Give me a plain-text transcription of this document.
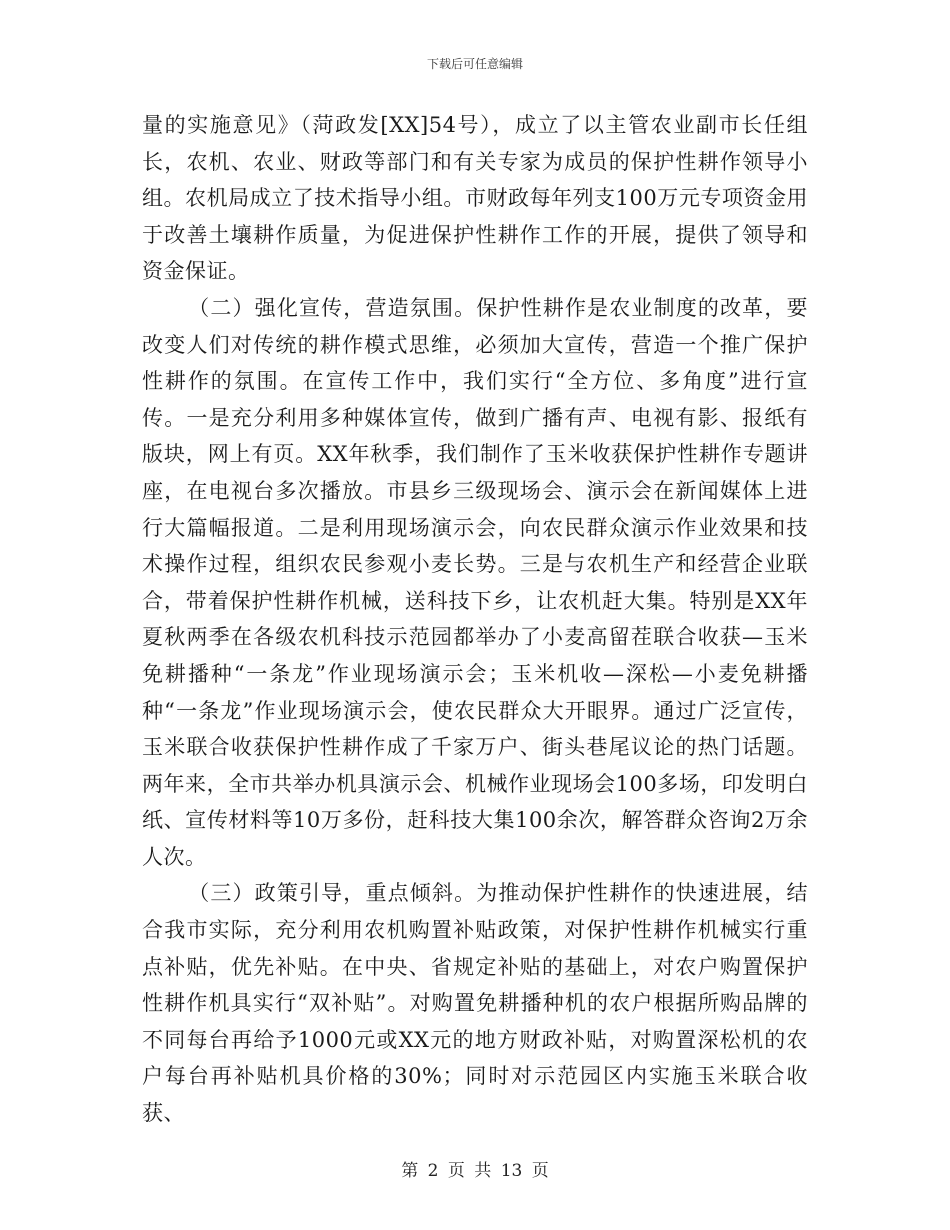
下载后可任意编辑

量的实施意见》（菏政发[XX]54号），成立了以主管农业副市长任组长，农机、农业、财政等部门和有关专家为成员的保护性耕作领导小组。农机局成立了技术指导小组。市财政每年列支100万元专项资金用于改善土壤耕作质量，为促进保护性耕作工作的开展，提供了领导和资金保证。

（二）强化宣传，营造氛围。保护性耕作是农业制度的改革，要改变人们对传统的耕作模式思维，必须加大宣传，营造一个推广保护性耕作的氛围。在宣传工作中，我们实行“全方位、多角度”进行宣传。一是充分利用多种媒体宣传，做到广播有声、电视有影、报纸有版块，网上有页。XX年秋季，我们制作了玉米收获保护性耕作专题讲座，在电视台多次播放。市县乡三级现场会、演示会在新闻媒体上进行大篇幅报道。二是利用现场演示会，向农民群众演示作业效果和技术操作过程，组织农民参观小麦长势。三是与农机生产和经营企业联合，带着保护性耕作机械，送科技下乡，让农机赶大集。特别是XX年夏秋两季在各级农机科技示范园都举办了小麦高留茬联合收获—玉米免耕播种“一条龙”作业现场演示会；玉米机收—深松—小麦免耕播种“一条龙”作业现场演示会，使农民群众大开眼界。通过广泛宣传，玉米联合收获保护性耕作成了千家万户、街头巷尾议论的热门话题。两年来，全市共举办机具演示会、机械作业现场会100多场，印发明白纸、宣传材料等10万多份，赶科技大集100余次，解答群众咨询2万余人次。

（三）政策引导，重点倾斜。为推动保护性耕作的快速进展，结合我市实际，充分利用农机购置补贴政策，对保护性耕作机械实行重点补贴，优先补贴。在中央、省规定补贴的基础上，对农户购置保护性耕作机具实行“双补贴”。对购置免耕播种机的农户根据所购品牌的不同每台再给予1000元或XX元的地方财政补贴，对购置深松机的农户每台再补贴机具价格的30%；同时对示范园区内实施玉米联合收获、

第 2 页 共 13 页
